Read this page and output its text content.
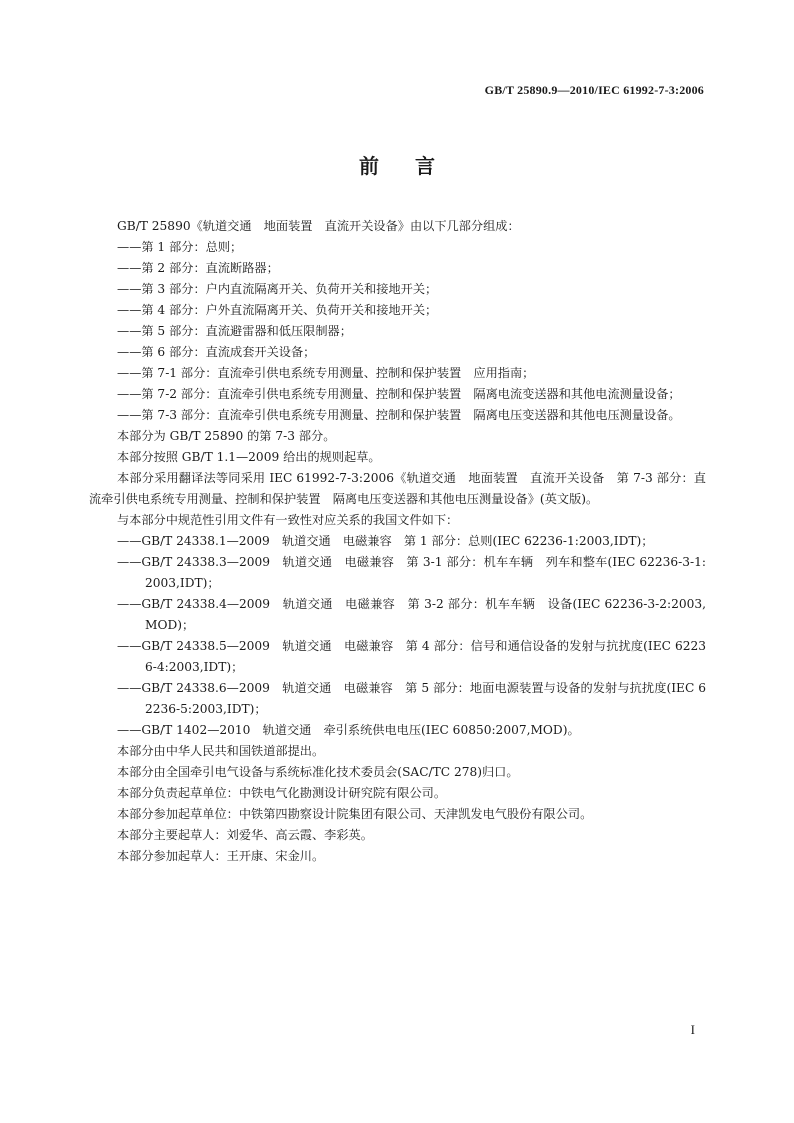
GB/T 25890.9—2010/IEC 61992-7-3:2006
前言

GB/T 25890《轨道交通　地面装置　直流开关设备》由以下几部分组成：

——第 1 部分：总则；

——第 2 部分：直流断路器；

——第 3 部分：户内直流隔离开关、负荷开关和接地开关；

——第 4 部分：户外直流隔离开关、负荷开关和接地开关；

——第 5 部分：直流避雷器和低压限制器；

——第 6 部分：直流成套开关设备；

——第 7-1 部分：直流牵引供电系统专用测量、控制和保护装置　应用指南；

——第 7-2 部分：直流牵引供电系统专用测量、控制和保护装置　隔离电流变送器和其他电流测量设备；

——第 7-3 部分：直流牵引供电系统专用测量、控制和保护装置　隔离电压变送器和其他电压测量设备。

本部分为 GB/T 25890 的第 7-3 部分。

本部分按照 GB/T 1.1—2009 给出的规则起草。

本部分采用翻译法等同采用 IEC 61992-7-3:2006《轨道交通　地面装置　直流开关设备　第 7-3 部分：直流牵引供电系统专用测量、控制和保护装置　隔离电压变送器和其他电压测量设备》(英文版)。

与本部分中规范性引用文件有一致性对应关系的我国文件如下：

——GB/T 24338.1—2009　轨道交通　电磁兼容　第 1 部分：总则(IEC 62236-1:2003,IDT)；

——GB/T 24338.3—2009　轨道交通　电磁兼容　第 3-1 部分：机车车辆　列车和整车(IEC 62236-3-1:2003,IDT)；

——GB/T 24338.4—2009　轨道交通　电磁兼容　第 3-2 部分：机车车辆　设备(IEC 62236-3-2:2003,MOD)；

——GB/T 24338.5—2009　轨道交通　电磁兼容　第 4 部分：信号和通信设备的发射与抗扰度(IEC 62236-4:2003,IDT)；

——GB/T 24338.6—2009　轨道交通　电磁兼容　第 5 部分：地面电源装置与设备的发射与抗扰度(IEC 62236-5:2003,IDT)；

——GB/T 1402—2010　轨道交通　牵引系统供电电压(IEC 60850:2007,MOD)。

本部分由中华人民共和国铁道部提出。

本部分由全国牵引电气设备与系统标准化技术委员会(SAC/TC 278)归口。

本部分负责起草单位：中铁电气化勘测设计研究院有限公司。

本部分参加起草单位：中铁第四勘察设计院集团有限公司、天津凯发电气股份有限公司。

本部分主要起草人：刘爱华、高云霞、李彩英。

本部分参加起草人：王开康、宋金川。

I
